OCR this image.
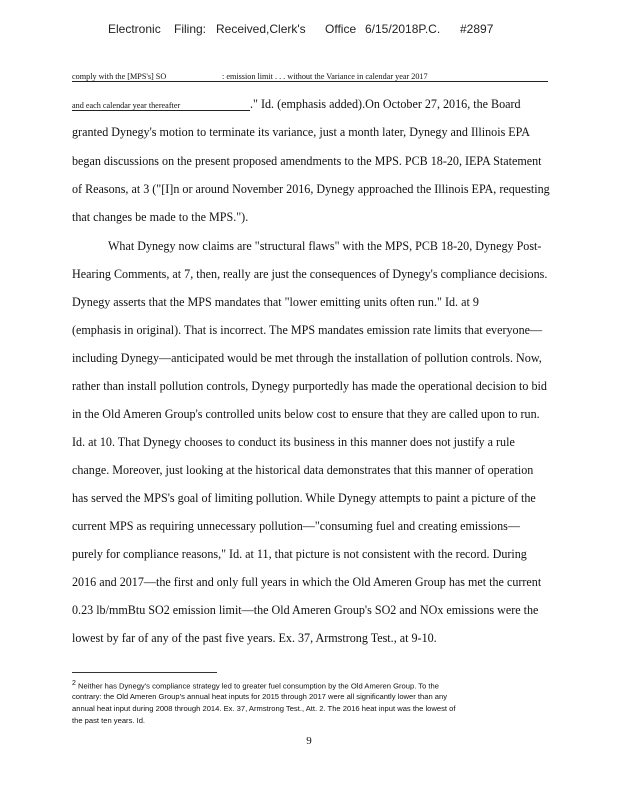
Electronic Filing: Received,Clerk's Office 6/15/2018P.C. #2897
comply with the [MPS's] SO	: emission limit . . . without the Variance in calendar year 2017
and each calendar year thereafter	." Id. (emphasis added).On October 27, 2016, the Board
granted Dynegy's motion to terminate its variance, just a month later, Dynegy and Illinois EPA
began discussions on the present proposed amendments to the MPS. PCB 18-20, IEPA Statement
of Reasons, at 3 ("[I]n or around November 2016, Dynegy approached the Illinois EPA, requesting
that changes be made to the MPS.").
What Dynegy now claims are "structural flaws" with the MPS, PCB 18-20, Dynegy Post-
Hearing Comments, at 7, then, really are just the consequences of Dynegy's compliance decisions.
Dynegy asserts that the MPS mandates that "lower emitting units often run." Id. at 9
(emphasis in original). That is incorrect. The MPS mandates emission rate limits that everyone—
including Dynegy—anticipated would be met through the installation of pollution controls. Now,
rather than install pollution controls, Dynegy purportedly has made the operational decision to bid
in the Old Ameren Group's controlled units below cost to ensure that they are called upon to run.
Id. at 10. That Dynegy chooses to conduct its business in this manner does not justify a rule
change. Moreover, just looking at the historical data demonstrates that this manner of operation
has served the MPS's goal of limiting pollution. While Dynegy attempts to paint a picture of the
current MPS as requiring unnecessary pollution—"consuming fuel and creating emissions—
purely for compliance reasons," Id. at 11, that picture is not consistent with the record. During
2016 and 2017—the first and only full years in which the Old Ameren Group has met the current
0.23 lb/mmBtu SO2 emission limit—the Old Ameren Group's SO2 and NOx emissions were the
lowest by far of any of the past five years. Ex. 37, Armstrong Test., at 9-10.
$^2$ Neither has Dynegy's compliance strategy led to greater fuel consumption by the Old Ameren Group. To the
contrary: the Old Ameren Group's annual heat inputs for 2015 through 2017 were all significantly lower than any
annual heat input during 2008 through 2014. Ex. 37, Armstrong Test., Att. 2. The 2016 heat input was the lowest of
the past ten years. Id.
9
